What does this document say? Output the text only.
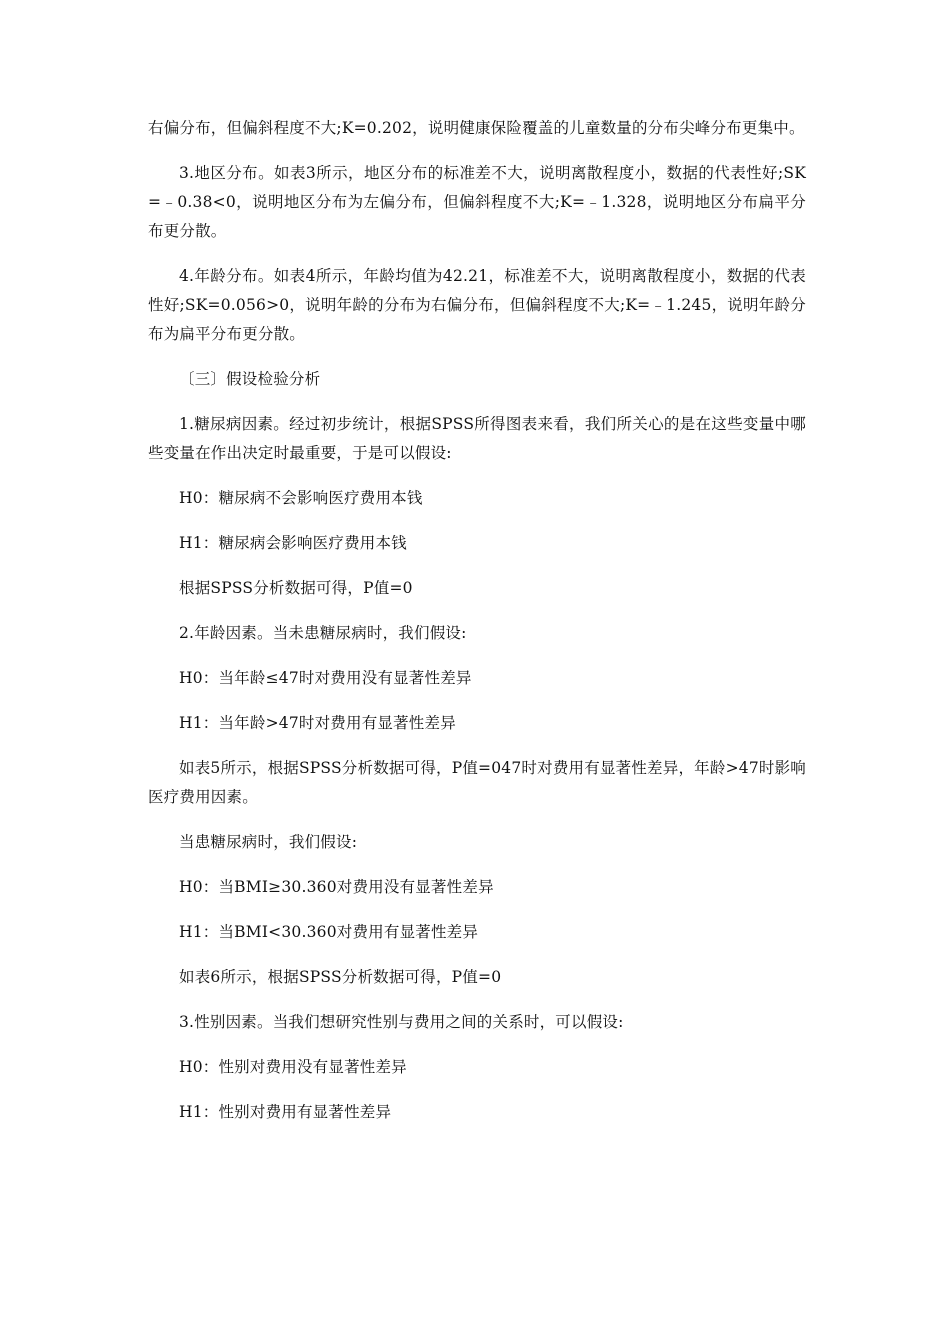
右偏分布，但偏斜程度不大;K=0.202，说明健康保险覆盖的儿童数量的分布尖峰分布更集中。

3.地区分布。如表3所示，地区分布的标准差不大，说明离散程度小，数据的代表性好;SK=﹣0.38<0，说明地区分布为左偏分布，但偏斜程度不大;K=﹣1.328，说明地区分布扁平分布更分散。

4.年龄分布。如表4所示，年龄均值为42.21，标准差不大，说明离散程度小，数据的代表性好;SK=0.056>0，说明年龄的分布为右偏分布，但偏斜程度不大;K=﹣1.245，说明年龄分布为扁平分布更分散。

〔三〕假设检验分析

1.糖尿病因素。经过初步统计，根据SPSS所得图表来看，我们所关心的是在这些变量中哪些变量在作出决定时最重要，于是可以假设:

H0：糖尿病不会影响医疗费用本钱

H1：糖尿病会影响医疗费用本钱

根据SPSS分析数据可得，P值=0

2.年龄因素。当未患糖尿病时，我们假设:

H0：当年龄≤47时对费用没有显著性差异

H1：当年龄>47时对费用有显著性差异

如表5所示，根据SPSS分析数据可得，P值=047时对费用有显著性差异，年龄>47时影响医疗费用因素。

当患糖尿病时，我们假设:

H0：当BMI≥30.360对费用没有显著性差异

H1：当BMI<30.360对费用有显著性差异

如表6所示，根据SPSS分析数据可得，P值=0

3.性别因素。当我们想研究性别与费用之间的关系时，可以假设:

H0：性别对费用没有显著性差异

H1：性别对费用有显著性差异
